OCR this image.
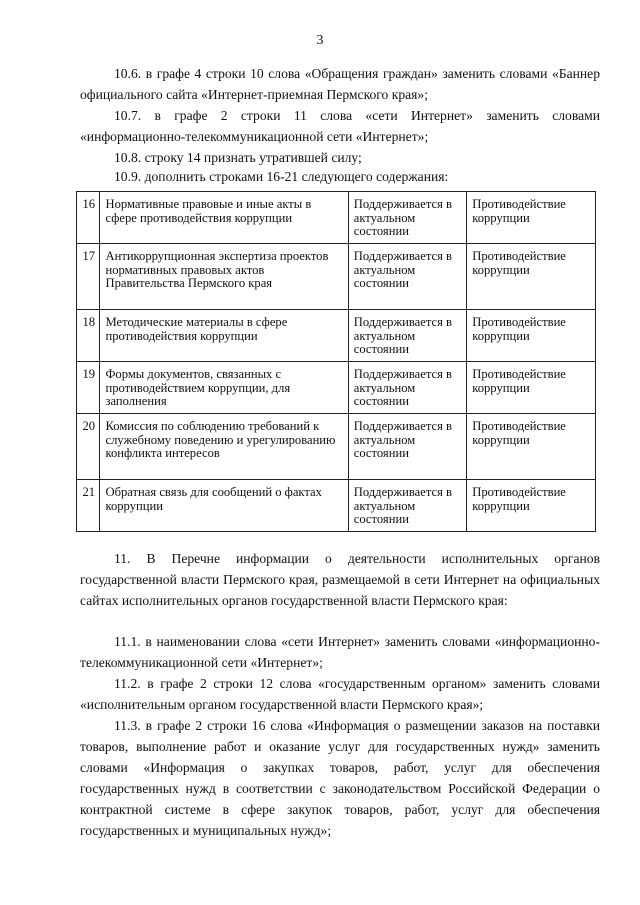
3

10.6. в графе 4 строки 10 слова «Обращения граждан» заменить словами «Баннер официального сайта «Интернет-приемная Пермского края»;

10.7. в графе 2 строки 11 слова «сети Интернет» заменить словами «информационно-телекоммуникационной сети «Интернет»;

10.8. строку 14 признать утратившей силу;

10.9. дополнить строками 16-21 следующего содержания:

16	Нормативные правовые и иные акты в сфере противодействия коррупции	Поддерживается в актуальном состоянии	Противодействие коррупции
17	Антикоррупционная экспертиза проектов нормативных правовых актов Правительства Пермского края	Поддерживается в актуальном состоянии	Противодействие коррупции
18	Методические материалы в сфере противодействия коррупции	Поддерживается в актуальном состоянии	Противодействие коррупции
19	Формы документов, связанных с противодействием коррупции, для заполнения	Поддерживается в актуальном состоянии	Противодействие коррупции
20	Комиссия по соблюдению требований к служебному поведению и урегулированию конфликта интересов	Поддерживается в актуальном состоянии	Противодействие коррупции
21	Обратная связь для сообщений о фактах коррупции	Поддерживается в актуальном состоянии	Противодействие коррупции

11. В Перечне информации о деятельности исполнительных органов государственной власти Пермского края, размещаемой в сети Интернет на официальных сайтах исполнительных органов государственной власти Пермского края:

11.1. в наименовании слова «сети Интернет» заменить словами «информационно-телекоммуникационной сети «Интернет»;

11.2. в графе 2 строки 12 слова «государственным органом» заменить словами «исполнительным органом государственной власти Пермского края»;

11.3. в графе 2 строки 16 слова «Информация о размещении заказов на поставки товаров, выполнение работ и оказание услуг для государственных нужд» заменить словами «Информация о закупках товаров, работ, услуг для обеспечения государственных нужд в соответствии с законодательством Российской Федерации о контрактной системе в сфере закупок товаров, работ, услуг для обеспечения государственных и муниципальных нужд»;
